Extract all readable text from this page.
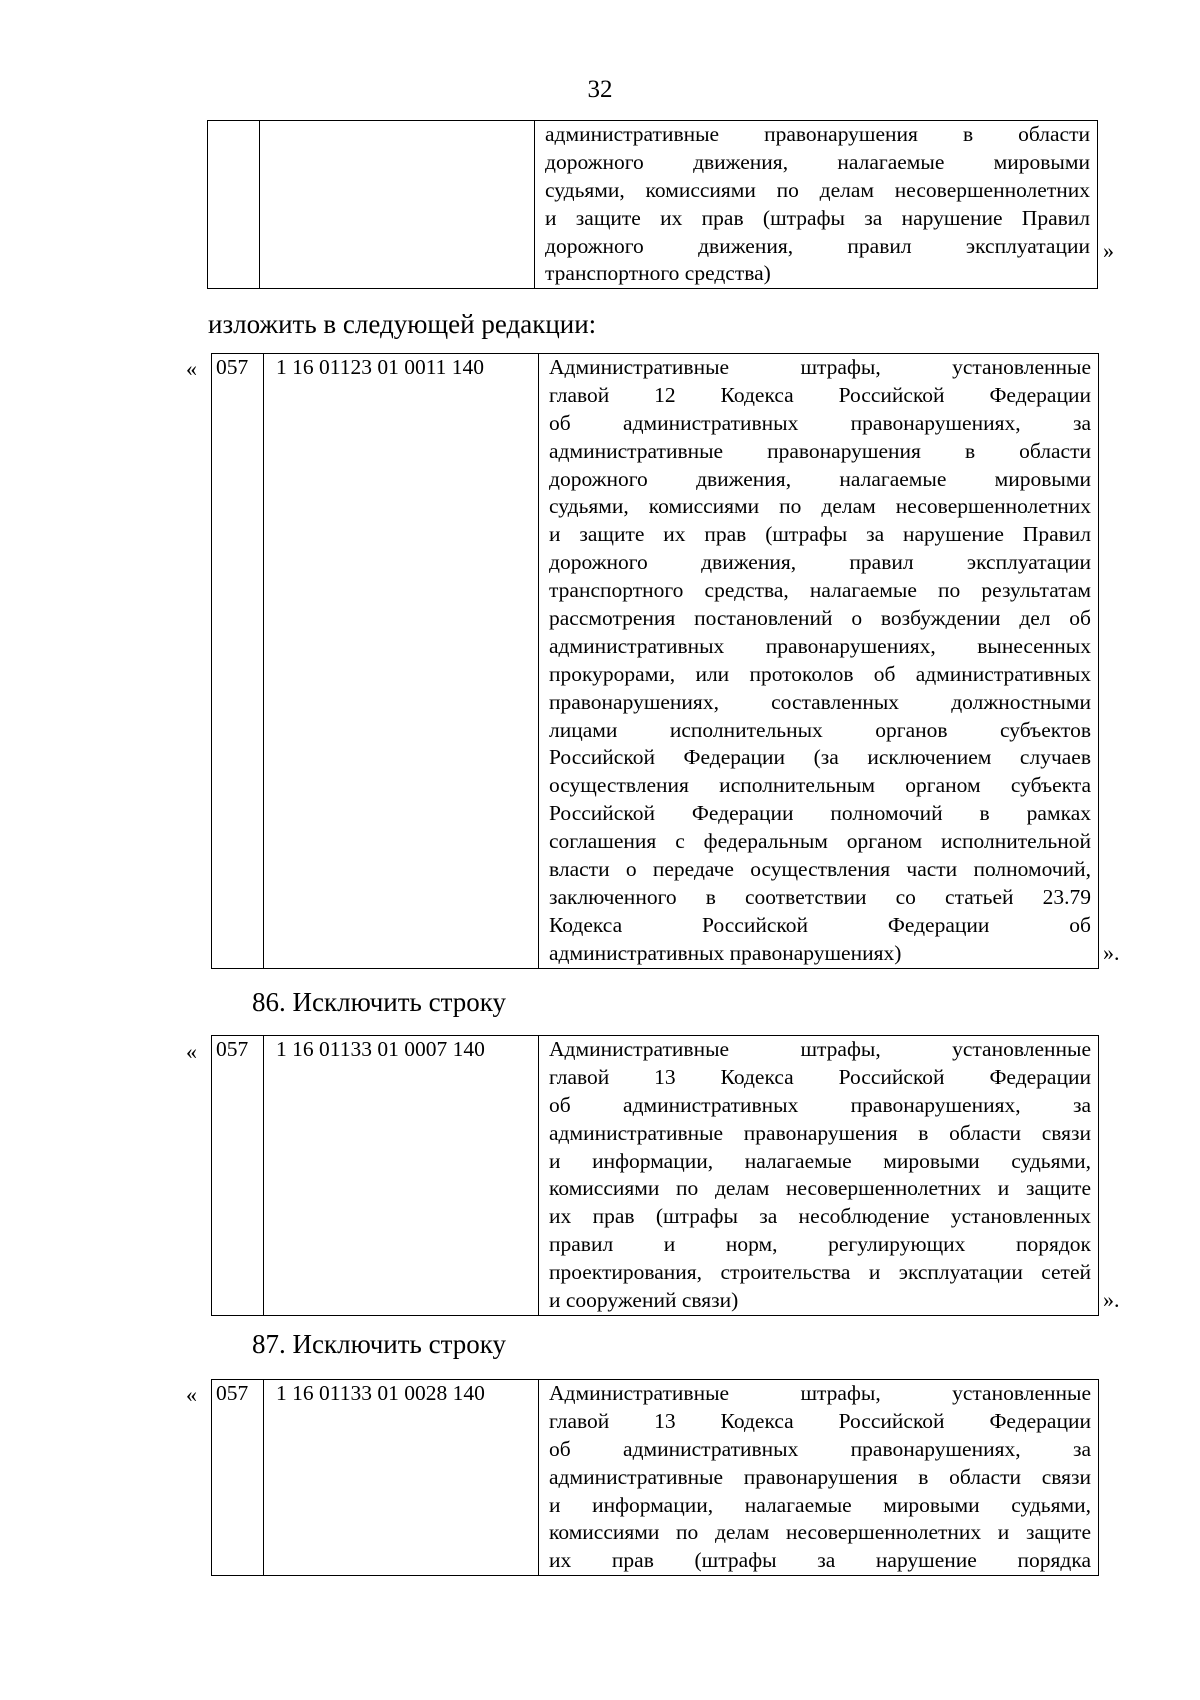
32

административные правонарушения в области
дорожного движения, налагаемые мировыми
судьями, комиссиями по делам несовершеннолетних
и защите их прав (штрафы за нарушение Правил
дорожного движения, правил эксплуатации
транспортного средства)
»
изложить в следующей редакции:
« 057	1 16 01123 01 0011 140	Административные штрафы, установленные
главой 12 Кодекса Российской Федерации
об административных правонарушениях, за
административные правонарушения в области
дорожного движения, налагаемые мировыми
судьями, комиссиями по делам несовершеннолетних
и защите их прав (штрафы за нарушение Правил
дорожного движения, правил эксплуатации
транспортного средства, налагаемые по результатам
рассмотрения постановлений о возбуждении дел об
административных правонарушениях, вынесенных
прокурорами, или протоколов об административных
правонарушениях, составленных должностными
лицами исполнительных органов субъектов
Российской Федерации (за исключением случаев
осуществления исполнительным органом субъекта
Российской Федерации полномочий в рамках
соглашения с федеральным органом исполнительной
власти о передаче осуществления части полномочий,
заключенного в соответствии со статьей 23.79
Кодекса Российской Федерации об
административных правонарушениях)	».
86. Исключить строку
« 057	1 16 01133 01 0007 140	Административные штрафы, установленные
главой 13 Кодекса Российской Федерации
об административных правонарушениях, за
административные правонарушения в области связи
и информации, налагаемые мировыми судьями,
комиссиями по делам несовершеннолетних и защите
их прав (штрафы за несоблюдение установленных
правил и норм, регулирующих порядок
проектирования, строительства и эксплуатации сетей
и сооружений связи)	».
87. Исключить строку
« 057	1 16 01133 01 0028 140	Административные штрафы, установленные
главой 13 Кодекса Российской Федерации
об административных правонарушениях, за
административные правонарушения в области связи
и информации, налагаемые мировыми судьями,
комиссиями по делам несовершеннолетних и защите
их прав (штрафы за нарушение порядка
